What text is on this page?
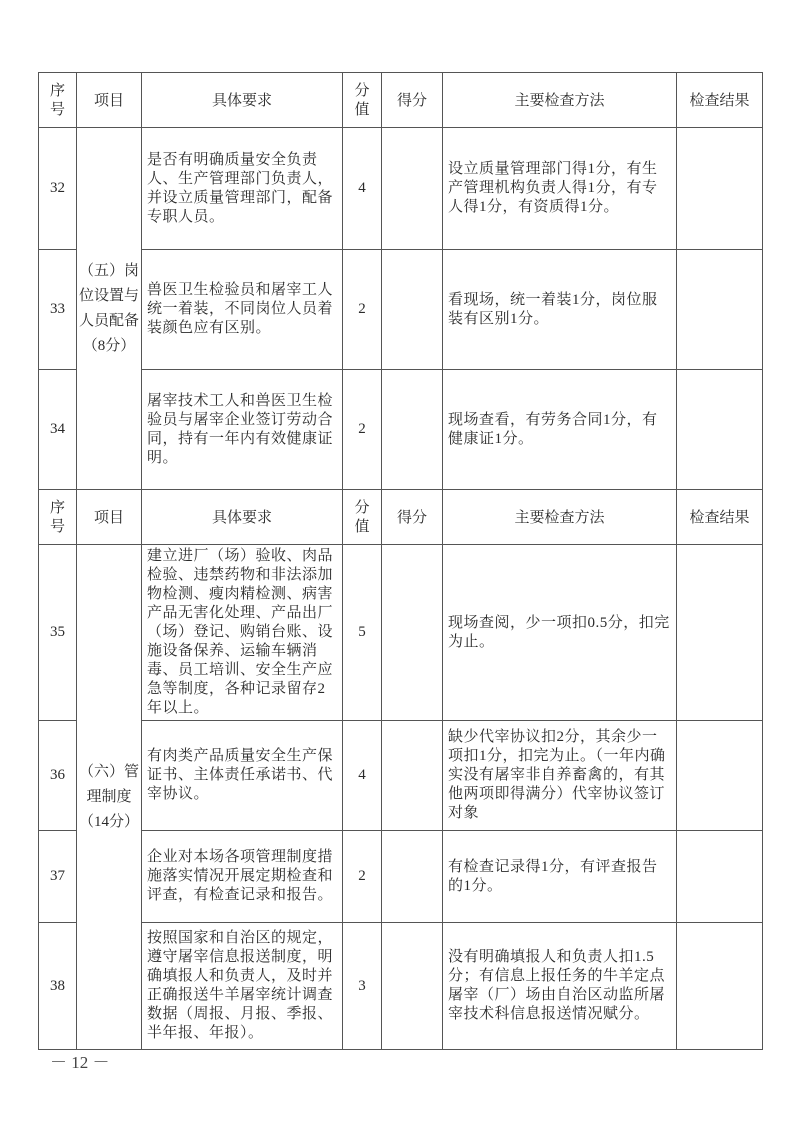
序号	项目	具体要求	分值	得分	主要检查方法	检查结果
32	（五）岗位设置与人员配备（8分）	是否有明确质量安全负责人、生产管理部门负责人，并设立质量管理部门，配备专职人员。	4		设立质量管理部门得1分，有生产管理机构负责人得1分，有专人得1分，有资质得1分。	
33		兽医卫生检验员和屠宰工人统一着装，不同岗位人员着装颜色应有区别。	2		看现场，统一着装1分，岗位服装有区别1分。	
34		屠宰技术工人和兽医卫生检验员与屠宰企业签订劳动合同，持有一年内有效健康证明。	2		现场查看，有劳务合同1分，有健康证1分。	
序号	项目	具体要求	分值	得分	主要检查方法	检查结果
35	（六）管理制度（14分）	建立进厂（场）验收、肉品检验、违禁药物和非法添加物检测、瘦肉精检测、病害产品无害化处理、产品出厂（场）登记、购销台账、设施设备保养、运输车辆消毒、员工培训、安全生产应急等制度，各种记录留存2年以上。	5		现场查阅，少一项扣0.5分，扣完为止。	
36		有肉类产品质量安全生产保证书、主体责任承诺书、代宰协议。	4		缺少代宰协议扣2分，其余少一项扣1分，扣完为止。（一年内确实没有屠宰非自养畜禽的，有其他两项即得满分）代宰协议签订对象	
37		企业对本场各项管理制度措施落实情况开展定期检查和评查，有检查记录和报告。	2		有检查记录得1分，有评查报告的1分。	
38		按照国家和自治区的规定，遵守屠宰信息报送制度，明确填报人和负责人，及时并正确报送牛羊屠宰统计调查数据（周报、月报、季报、半年报、年报）。	3		没有明确填报人和负责人扣1.5分；有信息上报任务的牛羊定点屠宰（厂）场由自治区动监所屠宰技术科信息报送情况赋分。	
－ 12 －
